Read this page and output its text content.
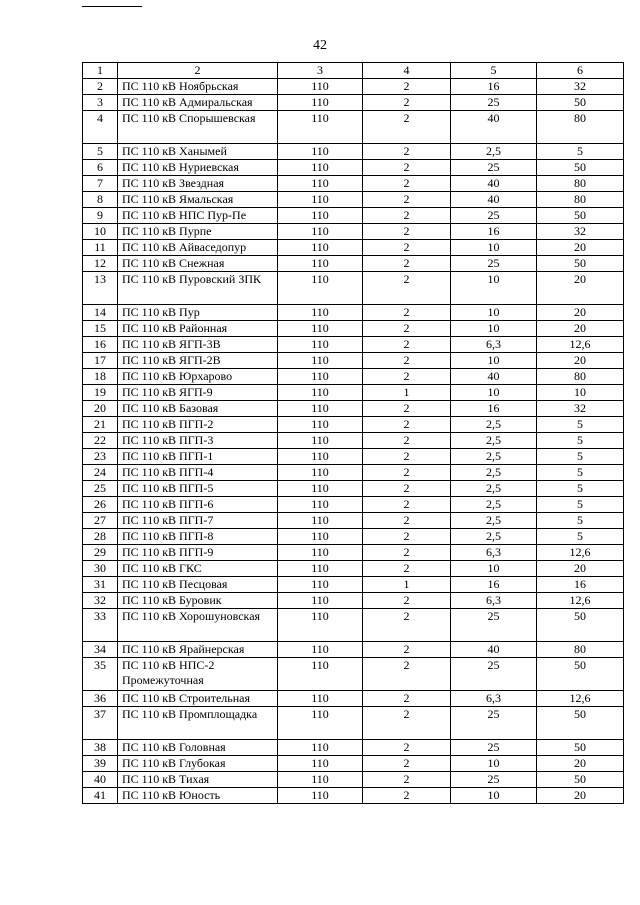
42
1	2	3	4	5	6
2	ПС 110 кВ Ноябрьская	110	2	16	32
3	ПС 110 кВ Адмиральская	110	2	25	50
4	ПС 110 кВ Спорышевская	110	2	40	80
5	ПС 110 кВ Ханымей	110	2	2,5	5
6	ПС 110 кВ Нуриевская	110	2	25	50
7	ПС 110 кВ Звездная	110	2	40	80
8	ПС 110 кВ Ямальская	110	2	40	80
9	ПС 110 кВ НПС Пур-Пе	110	2	25	50
10	ПС 110 кВ Пурпе	110	2	16	32
11	ПС 110 кВ Айваседопур	110	2	10	20
12	ПС 110 кВ Снежная	110	2	25	50
13	ПС 110 кВ Пуровский ЗПК	110	2	10	20
14	ПС 110 кВ Пур	110	2	10	20
15	ПС 110 кВ Районная	110	2	10	20
16	ПС 110 кВ ЯГП-3В	110	2	6,3	12,6
17	ПС 110 кВ ЯГП-2В	110	2	10	20
18	ПС 110 кВ Юрхарово	110	2	40	80
19	ПС 110 кВ ЯГП-9	110	1	10	10
20	ПС 110 кВ Базовая	110	2	16	32
21	ПС 110 кВ ПГП-2	110	2	2,5	5
22	ПС 110 кВ ПГП-3	110	2	2,5	5
23	ПС 110 кВ ПГП-1	110	2	2,5	5
24	ПС 110 кВ ПГП-4	110	2	2,5	5
25	ПС 110 кВ ПГП-5	110	2	2,5	5
26	ПС 110 кВ ПГП-6	110	2	2,5	5
27	ПС 110 кВ ПГП-7	110	2	2,5	5
28	ПС 110 кВ ПГП-8	110	2	2,5	5
29	ПС 110 кВ ПГП-9	110	2	6,3	12,6
30	ПС 110 кВ ГКС	110	2	10	20
31	ПС 110 кВ Песцовая	110	1	16	16
32	ПС 110 кВ Буровик	110	2	6,3	12,6
33	ПС 110 кВ Хорошуновская	110	2	25	50
34	ПС 110 кВ Ярайнерская	110	2	40	80
35	ПС 110 кВ НПС-2 Промежуточная	110	2	25	50
36	ПС 110 кВ Строительная	110	2	6,3	12,6
37	ПС 110 кВ Промплощадка	110	2	25	50
38	ПС 110 кВ Головная	110	2	25	50
39	ПС 110 кВ Глубокая	110	2	10	20
40	ПС 110 кВ Тихая	110	2	25	50
41	ПС 110 кВ Юность	110	2	10	20
